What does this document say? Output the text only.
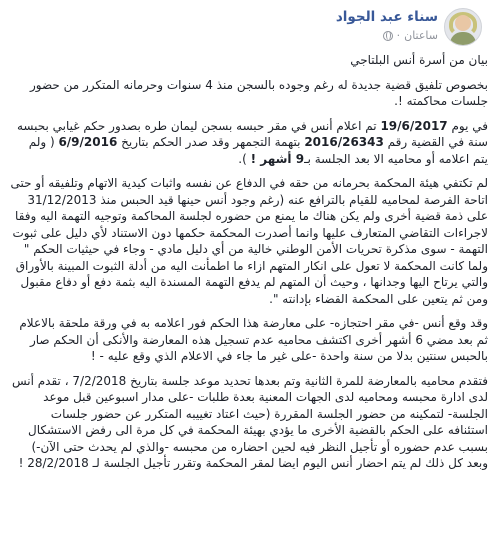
سناء عبد الجواد
ساعتان
·

بيان من أسرة أنس البلتاجي

بخصوص تلفيق قضية جديدة له رغم وجوده بالسجن منذ 4 سنوات وحرمانه المتكرر من حضور جلسات محاكمته !.

في يوم 19/6/2017 تم اعلام أنس في مقر حبسه بسجن ليمان طره بصدور حكم غيابي بحبسه سنة في القضية رقم 2016/26343 بتهمة التجمهر وقد صدر الحكم بتاريخ 6/9/2016 ( ولم يتم اعلامه أو محاميه الا بعد الجلسة بـ9 أشهر ! ).

لم تكتفي هيئة المحكمة بحرمانه من حقه في الدفاع عن نفسه واثبات كيدية الاتهام وتلفيقه أو حتى اتاحة الفرصة لمحاميه للقيام بالترافع عنه (رغم وجود أنس حينها قيد الحبس منذ 31/12/2013 على ذمة قضية أخرى ولم يكن هناك ما يمنع من حضوره لجلسة المحاكمة وتوجيه التهمة اليه وفقا لاجراءات التقاضي المتعارف عليها وانما أصدرت المحكمة حكمها دون الاستناد لأي دليل على ثبوت التهمة - سوى مذكرة تحريات الأمن الوطني خالية من أي دليل مادي - وجاء في حيثيات الحكم " ولما كانت المحكمة لا تعول على انكار المتهم ازاء ما اطمأنت اليه من أدلة الثبوت المبينة بالأوراق والتي يرتاح اليها وجدانها ، وحيث أن المتهم لم يدفع التهمة المسندة اليه بثمة دفع أو دفاع مقبول ومن ثم يتعين على المحكمة القضاء بإدانته ".

وقد وقع أنس -في مقر احتجازه- على معارضة هذا الحكم فور اعلامه به في ورقة ملحقة بالاعلام ثم بعد مضي 6 أشهر أخرى اكتشف محاميه عدم تسجيل هذه المعارضة والأنكى أن الحكم صار بالحبس سنتين بدلا من سنة واحدة -على غير ما جاء في الاعلام الذي وقع عليه - !

فتقدم محاميه بالمعارضة للمرة الثانية وتم بعدها تحديد موعد جلسة بتاريخ 7/2/2018 ، تقدم أنس لدى ادارة محبسه ومحاميه لدى الجهات المعنية بعدة طلبات -على مدار اسبوعين قبل موعد الجلسة- لتمكينه من حضور الجلسة المقررة (حيث اعتاد تغييبه المتكرر عن حضور جلسات استئنافه على الحكم بالقضية الأخرى ما يؤدي بهيئة المحكمة في كل مرة الى رفض الاستشكال بسبب عدم حضوره أو تأجيل النظر فيه لحين احضاره من محبسه -والذي لم يحدث حتى الآن-) وبعد كل ذلك لم يتم احضار أنس اليوم ايضا لمقر المحكمة وتقرر تأجيل الجلسة لـ 28/2/2018 !
